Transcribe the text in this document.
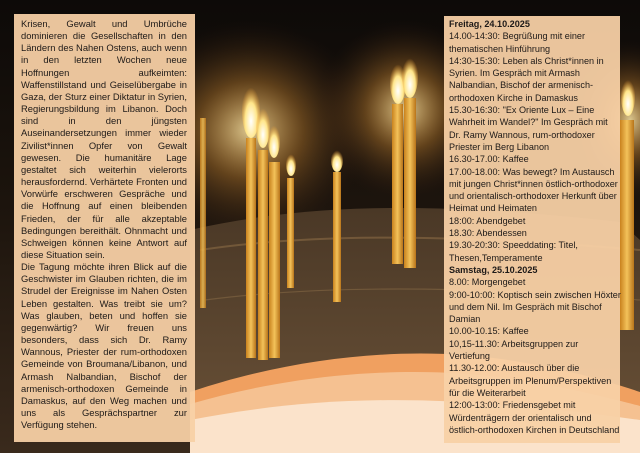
Krisen, Gewalt und Umbrüche dominieren die Gesellschaften in den Ländern des Nahen Ostens, auch wenn in den letzten Wochen neue Hoffnungen aufkeimten: Waffenstillstand und Geiselübergabe in Gaza, der Sturz einer Diktatur in Syrien, Regierungsbildung im Libanon. Doch sind in den jüngsten Auseinandersetzungen immer wieder Zivilist*innen Opfer von Gewalt gewesen. Die humanitäre Lage gestaltet sich weiterhin vielerorts herausfordernd. Verhärtete Fronten und Vorwürfe erschweren Gespräche und die Hoffnung auf einen bleibenden Frieden, der für alle akzeptable Bedingungen bereithält. Ohnmacht und Schweigen können keine Antwort auf diese Situation sein.

Die Tagung möchte ihren Blick auf die Geschwister im Glauben richten, die im Strudel der Ereignisse im Nahen Osten Leben gestalten. Was treibt sie um? Was glauben, beten und hoffen sie gegenwärtig? Wir freuen uns besonders, dass sich Dr. Ramy Wannous, Priester der rum-orthodoxen Gemeinde von Broumana/Libanon, und Armash Nalbandian, Bischof der armenisch-orthodoxen Gemeinde in Damaskus, auf den Weg machen und uns als Gesprächspartner zur Verfügung stehen.

Freitag, 24.10.2025

14.00-14:30: Begrüßung mit einer thematischen Hinführung

14:30-15:30: Leben als Christ*innen in Syrien. Im Gespräch mit Armash Nalbandian, Bischof der armenisch-orthodoxen Kirche in Damaskus

15.30-16:30: "Ex Oriente Lux – Eine Wahrheit im Wandel?" Im Gespräch mit Dr. Ramy Wannous, rum-orthodoxer Priester im Berg Libanon

16.30-17.00: Kaffee

17.00-18.00: Was bewegt? Im Austausch mit jungen Christ*innen östlich-orthodoxer und orientalisch-orthodoxer Herkunft über Heimat und Heimaten

18:00: Abendgebet

18.30: Abendessen

19.30-20:30: Speeddating: Titel, Thesen,Temperamente

Samstag, 25.10.2025

8.00: Morgengebet

9:00-10:00: Koptisch sein zwischen Höxter und dem Nil. Im Gespräch mit Bischof Damian

10.00-10.15: Kaffee

10,15-11.30: Arbeitsgruppen zur Vertiefung

11.30-12.00: Austausch über die Arbeitsgruppen im Plenum/Perspektiven für die Weiterarbeit

12:00-13:00: Friedensgebet mit Würdenträgern der orientalisch und östlich-orthodoxen Kirchen in Deutschland
